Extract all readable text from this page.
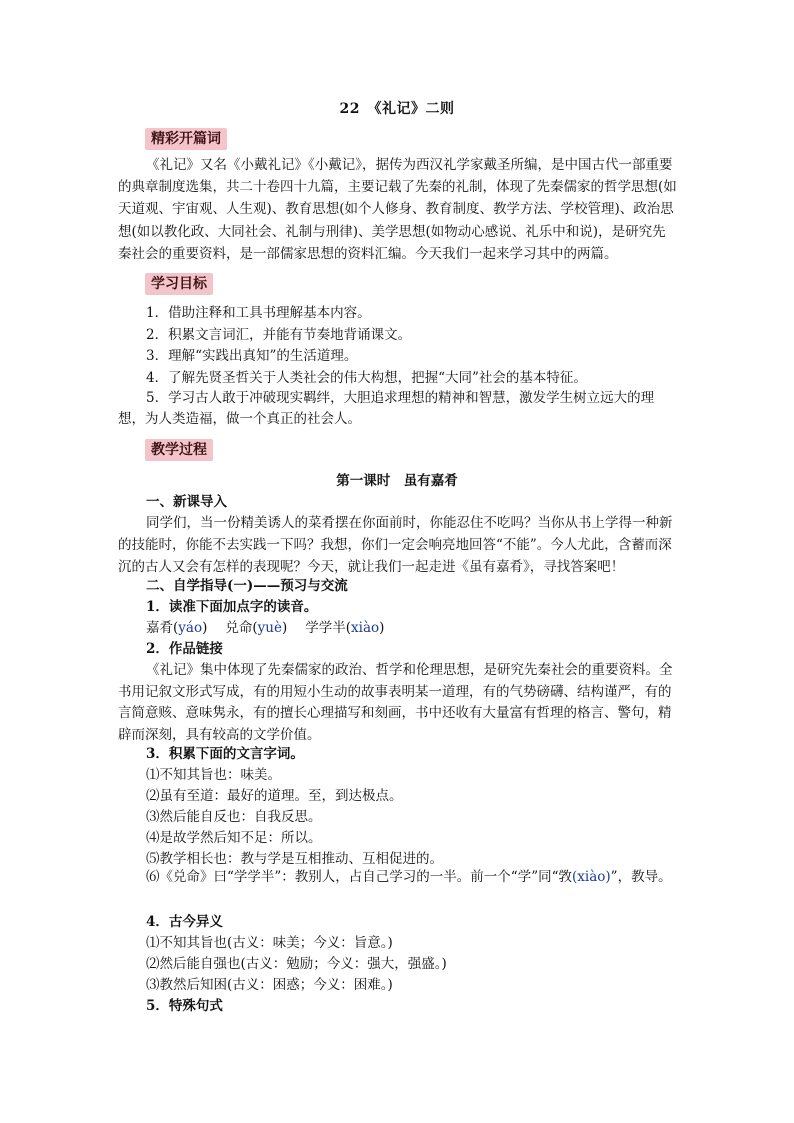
22　《礼记》二则
精彩开篇词

《礼记》又名《小戴礼记》《小戴记》，据传为西汉礼学家戴圣所编，是中国古代一部重要的典章制度选集，共二十卷四十九篇，主要记载了先秦的礼制，体现了先秦儒家的哲学思想(如天道观、宇宙观、人生观)、教育思想(如个人修身、教育制度、教学方法、学校管理)、政治思想(如以教化政、大同社会、礼制与刑律)、美学思想(如物动心感说、礼乐中和说)，是研究先秦社会的重要资料，是一部儒家思想的资料汇编。今天我们一起来学习其中的两篇。

学习目标
1．借助注释和工具书理解基本内容。
2．积累文言词汇，并能有节奏地背诵课文。
3．理解“实践出真知”的生活道理。
4．了解先贤圣哲关于人类社会的伟大构想，把握“大同”社会的基本特征。

5．学习古人敢于冲破现实羁绊，大胆追求理想的精神和智慧，激发学生树立远大的理想，为人类造福，做一个真正的社会人。

教学过程
第一课时　虽有嘉肴
一、新课导入

同学们，当一份精美诱人的菜肴摆在你面前时，你能忍住不吃吗？当你从书上学得一种新的技能时，你能不去实践一下吗？我想，你们一定会响亮地回答“不能”。今人尤此，含蓄而深沉的古人又会有怎样的表现呢？今天，就让我们一起走进《虽有嘉肴》，寻找答案吧！

二、自学指导(一)——预习与交流
1．读准下面加点字的读音。
嘉肴(yáo) 兑命(yuè) 学学半(xiào)
2．作品链接

《礼记》集中体现了先秦儒家的政治、哲学和伦理思想，是研究先秦社会的重要资料。全书用记叙文形式写成，有的用短小生动的故事表明某一道理，有的气势磅礴、结构谨严，有的言简意赅、意味隽永，有的擅长心理描写和刻画，书中还收有大量富有哲理的格言、警句，精辟而深刻，具有较高的文学价值。

3．积累下面的文言字词。
⑴不知其旨也：味美。
⑵虽有至道：最好的道理。至，到达极点。
⑶然后能自反也：自我反思。
⑷是故学然后知不足：所以。
⑸教学相长也：教与学是互相推动、互相促进的。

⑹《兑命》曰“学学半”：教别人，占自己学习的一半。前一个“学”同“敩(xiào)”，教导。

4．古今异义
⑴不知其旨也(古义：味美；今义：旨意。)
⑵然后能自强也(古义：勉励；今义：强大，强盛。)
⑶教然后知困(古义：困惑；今义：困难。)
5．特殊句式
